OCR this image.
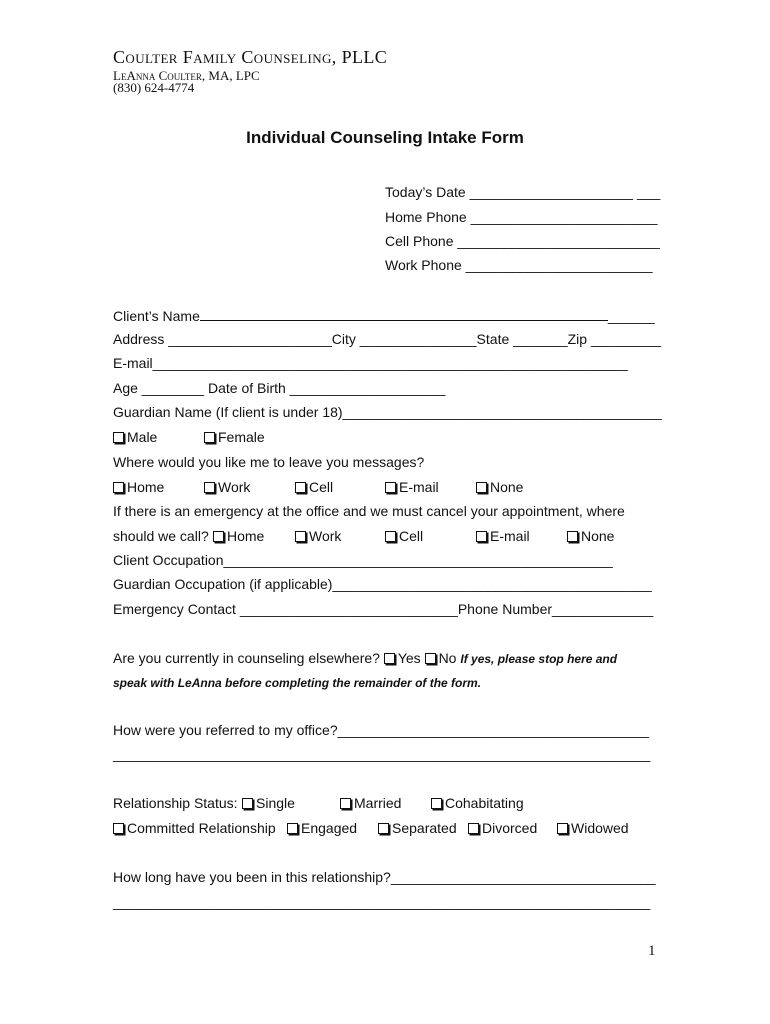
Coulter Family Counseling, PLLC
LeAnna Coulter, MA, LPC
(830) 624-4774
Individual Counseling Intake Form
Today’s Date _____________________ ___
Home Phone ________________________
Cell Phone __________________________
Work Phone ________________________
Client’s Name	______
Address _____________________City _______________State _______Zip _________
E-mail_____________________________________________________________
Age ________ Date of Birth ____________________
Guardian Name (If client is under 18)_________________________________________
Male	Female
Where would you like me to leave you messages?
Home	Work	Cell	E-mail	None
If there is an emergency at the office and we must cancel your appointment, where
should we call?	Home	Work	Cell	E-mail	None
Client Occupation__________________________________________________
Guardian Occupation (if applicable)_________________________________________
Emergency Contact ____________________________Phone Number_____________
Are you currently in counseling elsewhere? Yes No If yes, please stop here and
speak with LeAnna before completing the remainder of the form.
How were you referred to my office?________________________________________
_____________________________________________________________________
Relationship Status:	Single	Married	Cohabitating
Committed Relationship	Engaged	Separated	Divorced	Widowed
How long have you been in this relationship?__________________________________
_____________________________________________________________________
1
